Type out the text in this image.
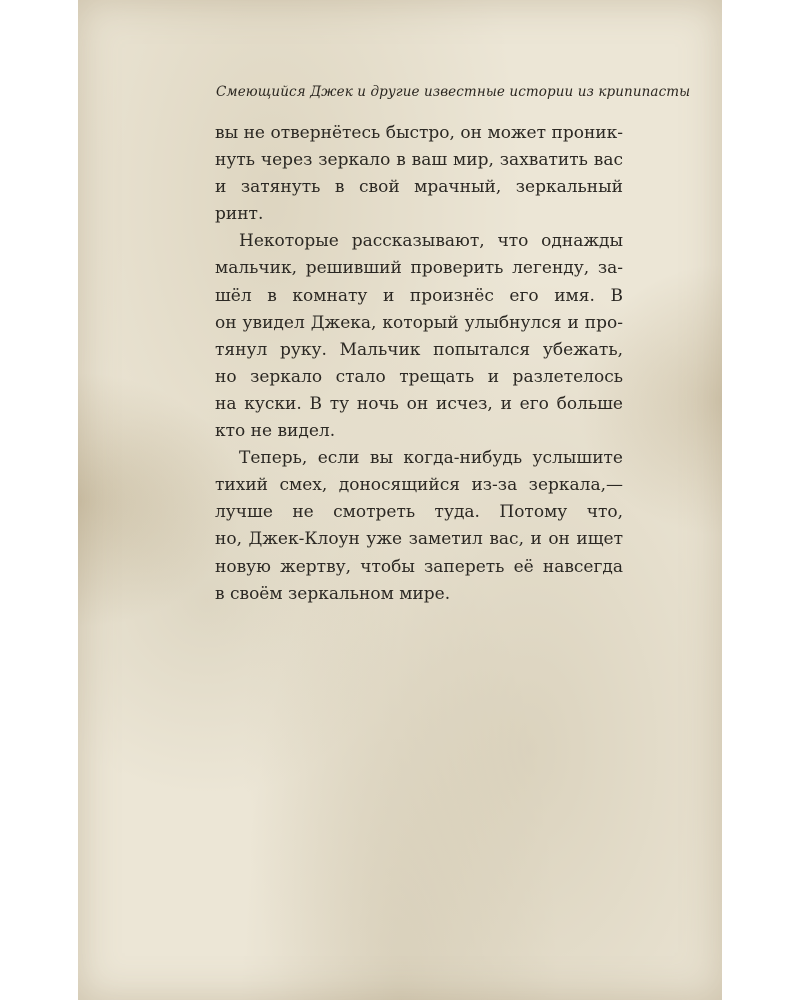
Смеющийся Джек и другие известные истории из крипипасты
вы не отвернётесь быстро, он может проник-
нуть через зеркало в ваш мир, захватить вас
и затянуть в свой мрачный, зеркальный
ринт.
Некоторые рассказывают, что однажды
мальчик, решивший проверить легенду, за-
шёл в комнату и произнёс его имя. В
он увидел Джека, который улыбнулся и про-
тянул руку. Мальчик попытался убежать,
но зеркало стало трещать и разлетелось
на куски. В ту ночь он исчез, и его больше
кто не видел.
Теперь, если вы когда-нибудь услышите
тихий смех, доносящийся из-за зеркала,—
лучше не смотреть туда. Потому что,
но, Джек-Клоун уже заметил вас, и он ищет
новую жертву, чтобы запереть её навсегда
в своём зеркальном мире.
